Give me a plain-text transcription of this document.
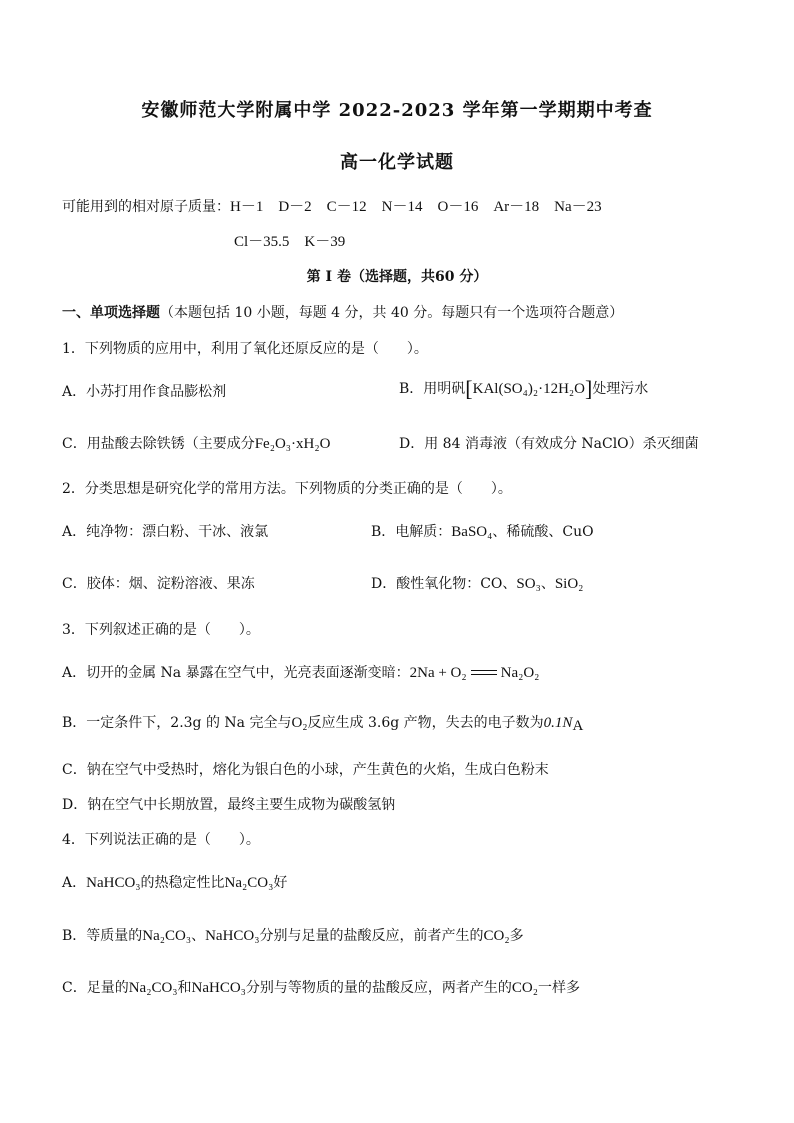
安徽师范大学附属中学 2022-2023 学年第一学期期中考查
高一化学试题
可能用到的相对原子质量：H－1　D－2　C－12　N－14　O－16　Ar－18　Na－23
Cl－35.5　K－39
第 I 卷（选择题，共60 分）
一、单项选择题（本题包括 10 小题，每题 4 分，共 40 分。每题只有一个选项符合题意）
1．下列物质的应用中，利用了氧化还原反应的是（　　）。
A．小苏打用作食品膨松剂	B．用明矾[KAl(SO₄)₂·12H₂O]处理污水
C．用盐酸去除铁锈（主要成分Fe₂O₃·xH₂O	D．用 84 消毒液（有效成分 NaClO）杀灭细菌
2．分类思想是研究化学的常用方法。下列物质的分类正确的是（　　）。
A．纯净物：漂白粉、干冰、液氯	B．电解质：BaSO₄、稀硫酸、CuO
C．胶体：烟、淀粉溶液、果冻	D．酸性氧化物：CO、SO₃、SiO₂
3．下列叙述正确的是（　　）。
A．切开的金属 Na 暴露在空气中，光亮表面逐渐变暗：2Na + O₂ Na₂O₂
B．一定条件下，2.3g 的 Na 完全与O₂反应生成 3.6g 产物，失去的电子数为$0.1N_A$
C．钠在空气中受热时，熔化为银白色的小球，产生黄色的火焰，生成白色粉末
D．钠在空气中长期放置，最终主要生成物为碳酸氢钠
4．下列说法正确的是（　　）。
A．NaHCO₃的热稳定性比Na₂CO₃好
B．等质量的Na₂CO₃、NaHCO₃分别与足量的盐酸反应，前者产生的CO₂多
C．足量的Na₂CO₃和NaHCO₃分别与等物质的量的盐酸反应，两者产生的CO₂一样多
